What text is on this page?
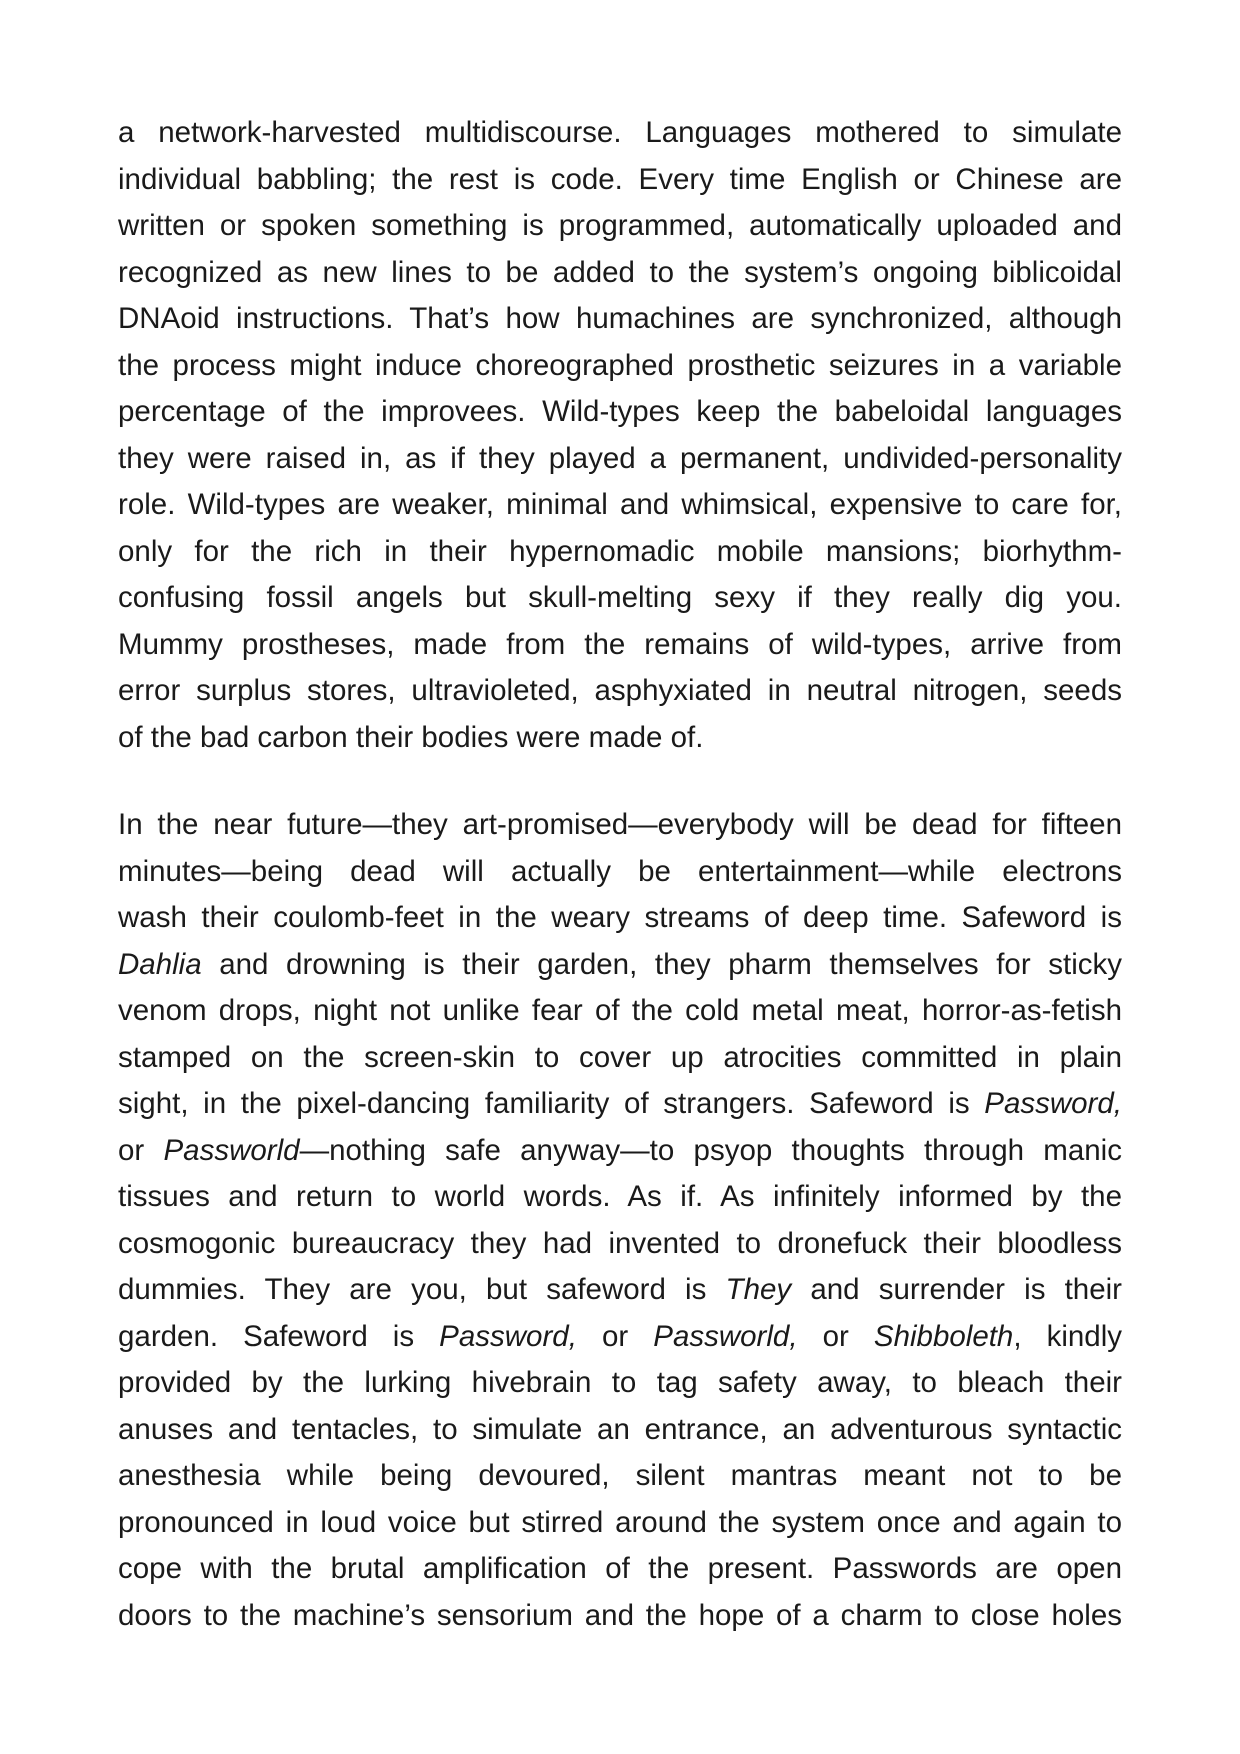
a network-harvested multidiscourse. Languages mothered to simulate
individual babbling; the rest is code. Every time English or Chinese are
written or spoken something is programmed, automatically uploaded and
recognized as new lines to be added to the system’s ongoing biblicoidal
DNAoid instructions. That’s how humachines are synchronized, although
the process might induce choreographed prosthetic seizures in a variable
percentage of the improvees. Wild-types keep the babeloidal languages
they were raised in, as if they played a permanent, undivided-personality
role. Wild-types are weaker, minimal and whimsical, expensive to care for,
only for the rich in their hypernomadic mobile mansions; biorhythm-
confusing fossil angels but skull-melting sexy if they really dig you.
Mummy prostheses, made from the remains of wild-types, arrive from
error surplus stores, ultravioleted, asphyxiated in neutral nitrogen, seeds
of the bad carbon their bodies were made of.
In the near future—they art-promised—everybody will be dead for fifteen
minutes—being dead will actually be entertainment—while electrons
wash their coulomb-feet in the weary streams of deep time. Safeword is
Dahlia and drowning is their garden, they pharm themselves for sticky
venom drops, night not unlike fear of the cold metal meat, horror-as-fetish
stamped on the screen-skin to cover up atrocities committed in plain
sight, in the pixel-dancing familiarity of strangers. Safeword is Password,
or Passworld—nothing safe anyway—to psyop thoughts through manic
tissues and return to world words. As if. As infinitely informed by the
cosmogonic bureaucracy they had invented to dronefuck their bloodless
dummies. They are you, but safeword is They and surrender is their
garden. Safeword is Password, or Passworld, or Shibboleth, kindly
provided by the lurking hivebrain to tag safety away, to bleach their
anuses and tentacles, to simulate an entrance, an adventurous syntactic
anesthesia while being devoured, silent mantras meant not to be
pronounced in loud voice but stirred around the system once and again to
cope with the brutal amplification of the present. Passwords are open
doors to the machine’s sensorium and the hope of a charm to close holes
